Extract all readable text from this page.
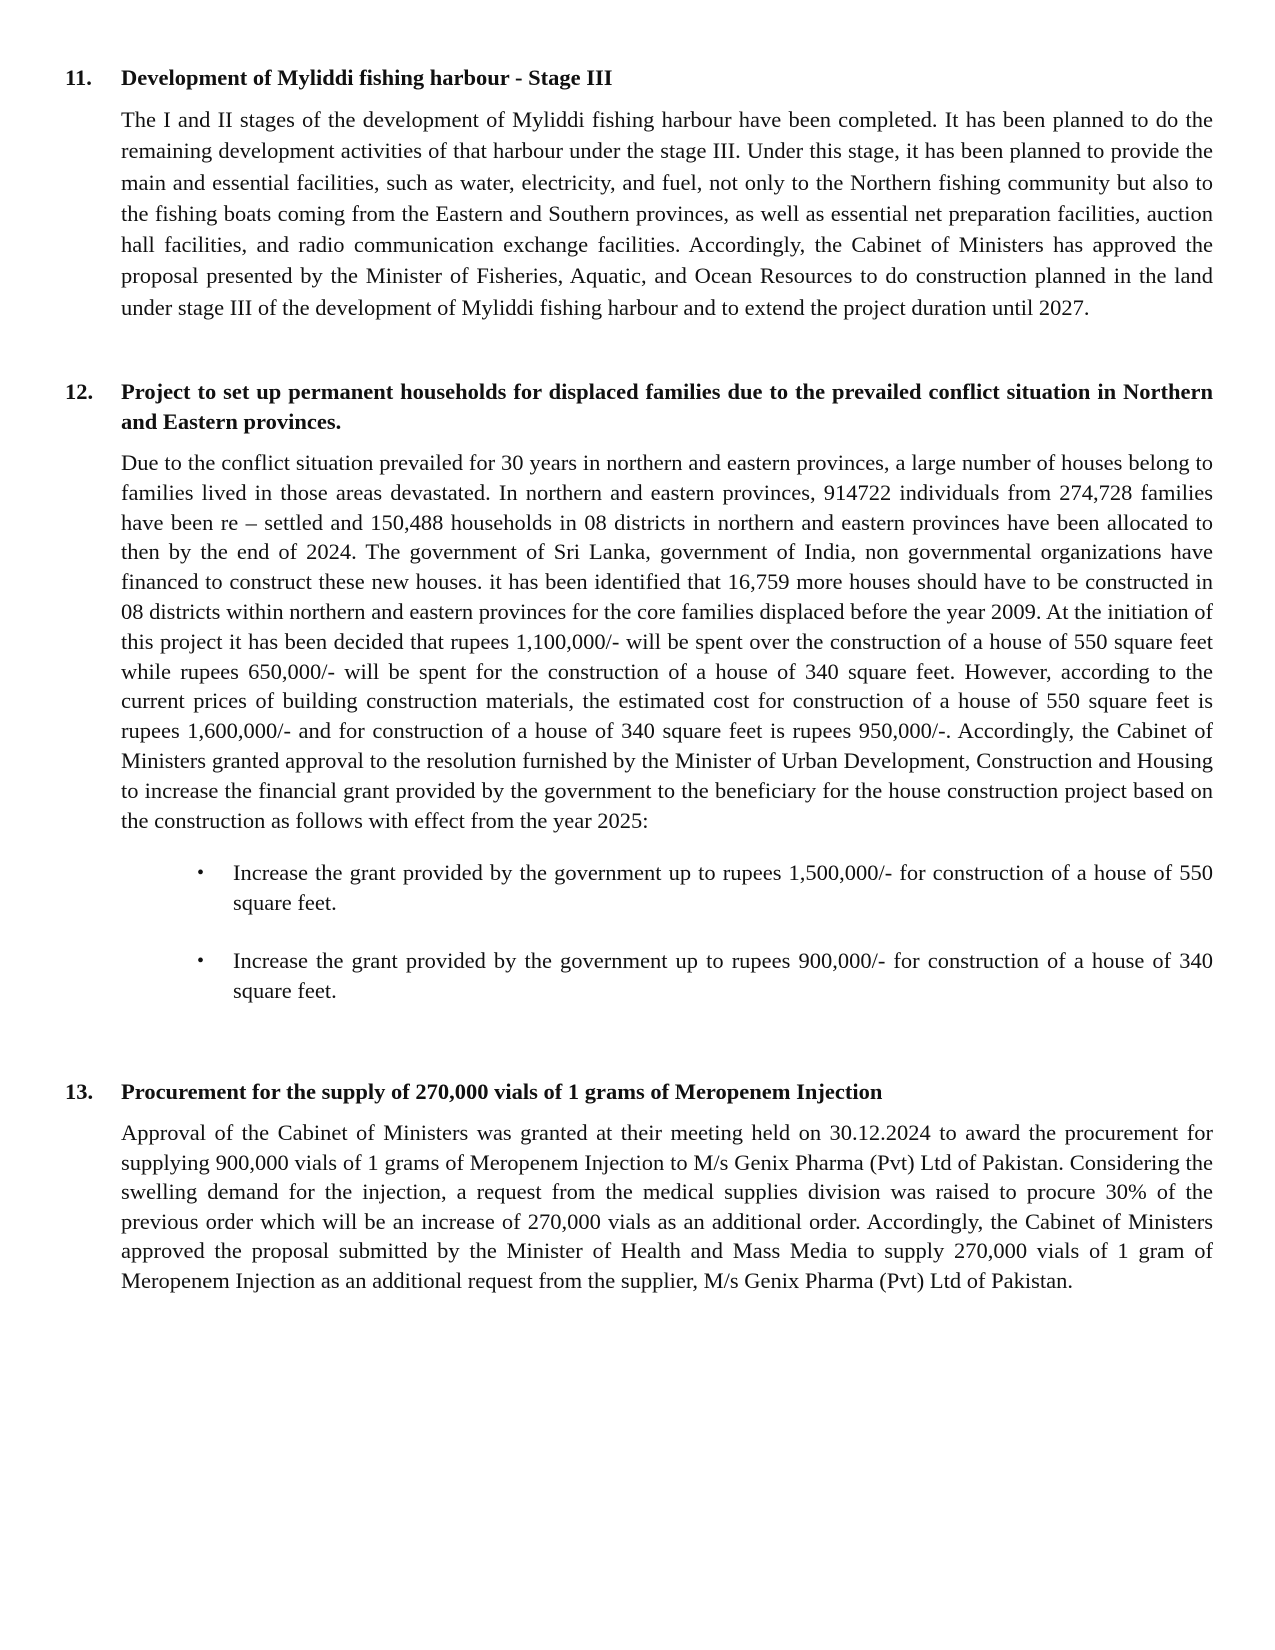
11. Development of Myliddi fishing harbour - Stage III

The I and II stages of the development of Myliddi fishing harbour have been completed. It has been planned to do the remaining development activities of that harbour under the stage III. Under this stage, it has been planned to provide the main and essential facilities, such as water, electricity, and fuel, not only to the Northern fishing community but also to the fishing boats coming from the Eastern and Southern provinces, as well as essential net preparation facilities, auction hall facilities, and radio communication exchange facilities. Accordingly, the Cabinet of Ministers has approved the proposal presented by the Minister of Fisheries, Aquatic, and Ocean Resources to do construction planned in the land under stage III of the development of Myliddi fishing harbour and to extend the project duration until 2027.

12. Project to set up permanent households for displaced families due to the prevailed conflict situation in Northern and Eastern provinces.

Due to the conflict situation prevailed for 30 years in northern and eastern provinces, a large number of houses belong to families lived in those areas devastated. In northern and eastern provinces, 914722 individuals from 274,728 families have been re – settled and 150,488 households in 08 districts in northern and eastern provinces have been allocated to then by the end of 2024. The government of Sri Lanka, government of India, non governmental organizations have financed to construct these new houses. it has been identified that 16,759 more houses should have to be constructed in 08 districts within northern and eastern provinces for the core families displaced before the year 2009. At the initiation of this project it has been decided that rupees 1,100,000/- will be spent over the construction of a house of 550 square feet while rupees 650,000/- will be spent for the construction of a house of 340 square feet. However, according to the current prices of building construction materials, the estimated cost for construction of a house of 550 square feet is rupees 1,600,000/- and for construction of a house of 340 square feet is rupees 950,000/-. Accordingly, the Cabinet of Ministers granted approval to the resolution furnished by the Minister of Urban Development, Construction and Housing to increase the financial grant provided by the government to the beneficiary for the house construction project based on the construction as follows with effect from the year 2025:

• Increase the grant provided by the government up to rupees 1,500,000/- for construction of a house of 550 square feet.
• Increase the grant provided by the government up to rupees 900,000/- for construction of a house of 340 square feet.
13. Procurement for the supply of 270,000 vials of 1 grams of Meropenem Injection

Approval of the Cabinet of Ministers was granted at their meeting held on 30.12.2024 to award the procurement for supplying 900,000 vials of 1 grams of Meropenem Injection to M/s Genix Pharma (Pvt) Ltd of Pakistan. Considering the swelling demand for the injection, a request from the medical supplies division was raised to procure 30% of the previous order which will be an increase of 270,000 vials as an additional order. Accordingly, the Cabinet of Ministers approved the proposal submitted by the Minister of Health and Mass Media to supply 270,000 vials of 1 gram of Meropenem Injection as an additional request from the supplier, M/s Genix Pharma (Pvt) Ltd of Pakistan.
